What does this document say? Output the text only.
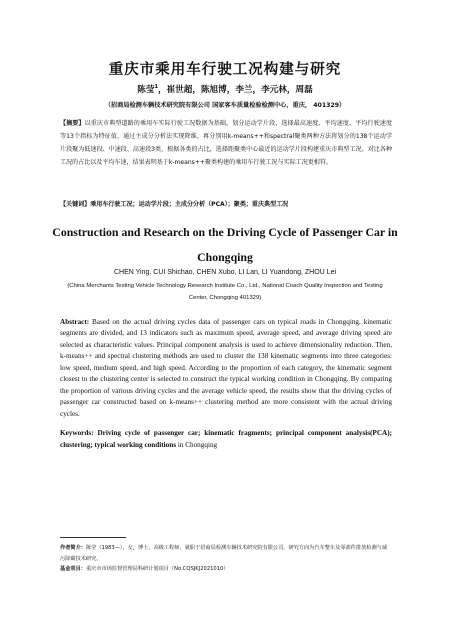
重庆市乘用车行驶工况构建与研究
陈莹$^1$，崔世超，陈旭博，李兰，李元林，周磊
（招商局检测车辆技术研究院有限公司 国家客车质量检验检测中心，重庆， 401329）
【摘要】以重庆市典型道路的乘用车实际行驶工况数据为基础，划分运动学片段，选择最高速度、平均速度、平均行驶速度等13个指标为特征值，通过主成分分析法实现降维，再分别用k-means++和spectral聚类两种方法将划分的138个运动学片段聚为低速段、中速段、高速段3类，根据各类的占比，选择距聚类中心最近的运动学片段构建重庆市典型工况。对比各种工况的占比以及平均车速，结果表明基于k-means++聚类构建的乘用车行驶工况与实际工况更相符。
【关键词】乘用车行驶工况；运动学片段；主成分分析（PCA）；聚类；重庆典型工况
Construction and Research on the Driving Cycle of Passenger Car in Chongqing
CHEN Ying, CUI Shichao, CHEN Xubo, LI Lan, LI Yuandong, ZHOU Lei
(China Merchants Testing Vehicle Technology Research Institute Co., Ltd., National Coach Quality Inspection and Testing Center, Chongqing 401329)
Abstract: Based on the actual driving cycles data of passenger cars on typical roads in Chongqing, kinematic segments are divided, and 13 indicators such as maximum speed, average speed, and average driving speed are selected as characteristic values. Principal component analysis is used to achieve dimensionality reduction. Then, k-means++ and spectral clustering methods are used to cluster the 138 kinematic segments into three categories: low speed, medium speed, and high speed. According to the proportion of each category, the kinematic segment closest to the clustering center is selected to construct the typical working condition in Chongqing. By comparing the proportion of various driving cycles and the average vehicle speed, the results show that the driving cycles of passenger car constructed based on k-means++ clustering method are more consistent with the actual driving cycles.
Keywords: Driving cycle of passenger car; kinematic fragments; principal component analysis(PCA); clustering; typical working conditions in Chongqing
作者简介：陈莹（1983—），女，博士，高级工程师，就职于招商局检测车辆技术研究院有限公司，研究方向为汽车整车及零部件排放检测与减污降碳技术研究。
基金项目：重庆市市场监督管理局科研计划项目（No.CQSJKJ2021010）
